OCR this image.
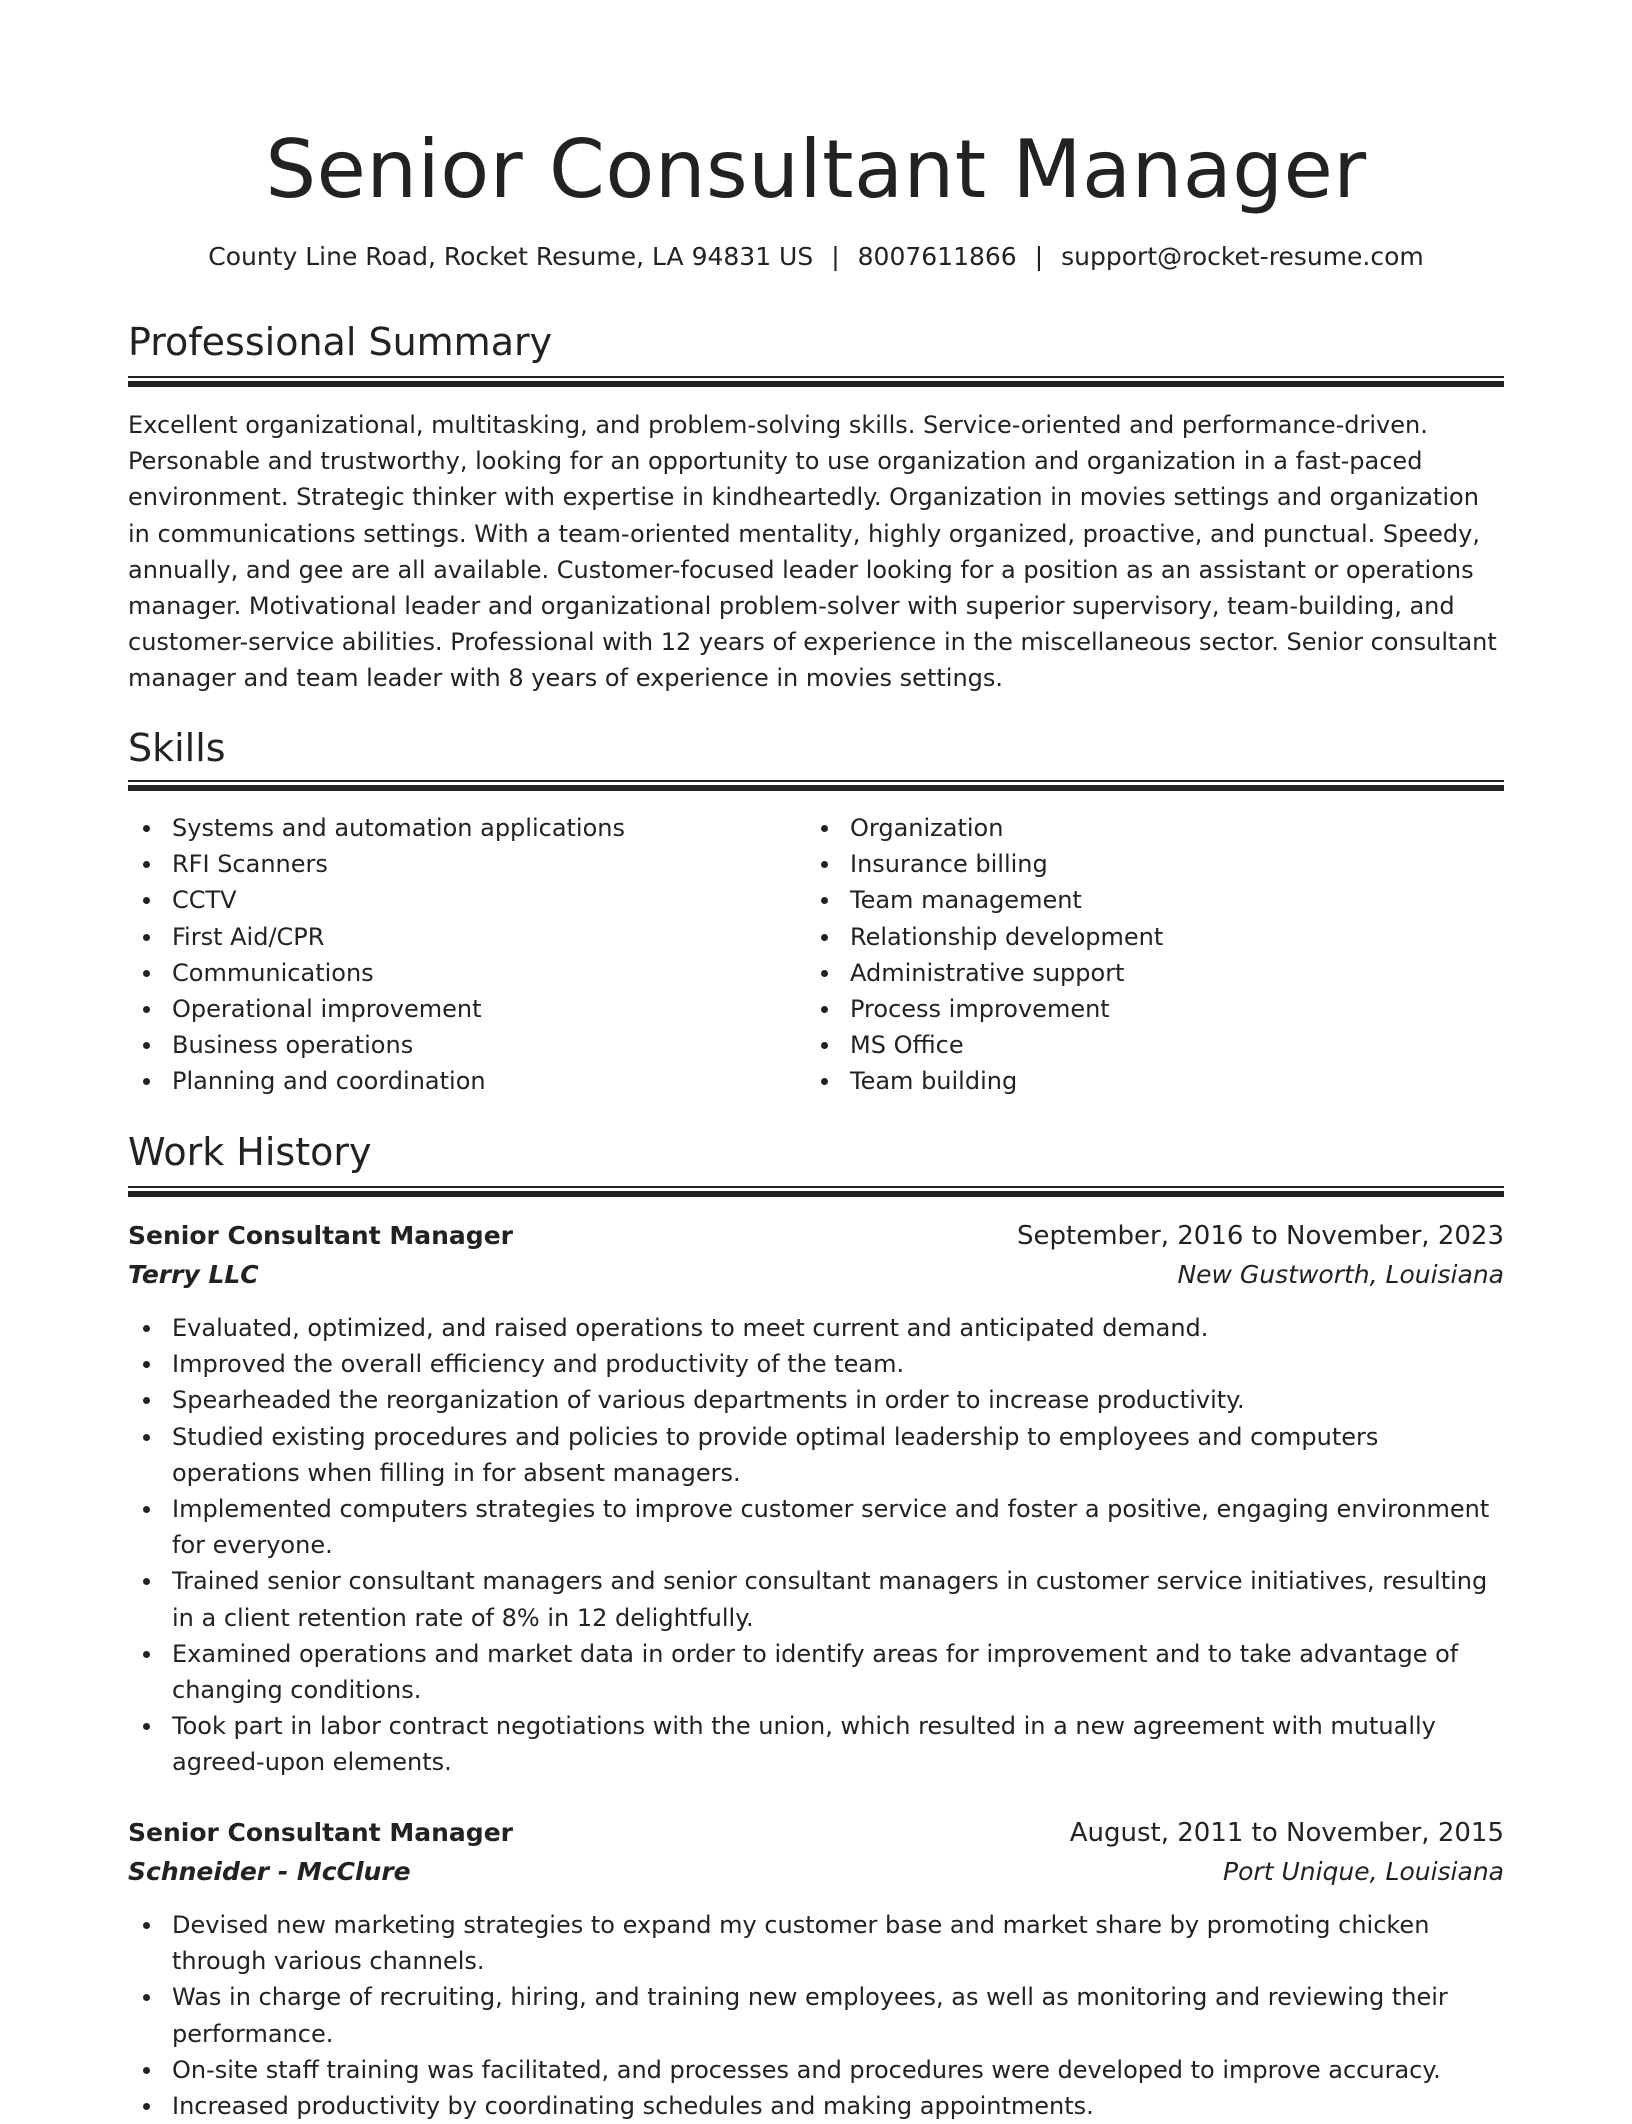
Senior Consultant Manager
County Line Road, Rocket Resume, LA 94831 US | 8007611866 | support@rocket-resume.com
Professional Summary

Excellent organizational, multitasking, and problem-solving skills. Service-oriented and performance-driven. Personable and trustworthy, looking for an opportunity to use organization and organization in a fast-paced environment. Strategic thinker with expertise in kindheartedly. Organization in movies settings and organization in communications settings. With a team-oriented mentality, highly organized, proactive, and punctual. Speedy, annually, and gee are all available. Customer-focused leader looking for a position as an assistant or operations manager. Motivational leader and organizational problem-solver with superior supervisory, team-building, and customer-service abilities. Professional with 12 years of experience in the miscellaneous sector. Senior consultant manager and team leader with 8 years of experience in movies settings.

Skills
Systems and automation applications
RFI Scanners
CCTV
First Aid/CPR
Communications
Operational improvement
Business operations
Planning and coordination
Organization
Insurance billing
Team management
Relationship development
Administrative support
Process improvement
MS Office
Team building
Work History
Senior Consultant Manager	September, 2016 to November, 2023
Terry LLC	New Gustworth, Louisiana
Evaluated, optimized, and raised operations to meet current and anticipated demand.
Improved the overall efficiency and productivity of the team.
Spearheaded the reorganization of various departments in order to increase productivity.
Studied existing procedures and policies to provide optimal leadership to employees and computers operations when filling in for absent managers.
Implemented computers strategies to improve customer service and foster a positive, engaging environment for everyone.
Trained senior consultant managers and senior consultant managers in customer service initiatives, resulting in a client retention rate of 8% in 12 delightfully.
Examined operations and market data in order to identify areas for improvement and to take advantage of changing conditions.
Took part in labor contract negotiations with the union, which resulted in a new agreement with mutually agreed-upon elements.
Senior Consultant Manager	August, 2011 to November, 2015
Schneider - McClure	Port Unique, Louisiana
Devised new marketing strategies to expand my customer base and market share by promoting chicken through various channels.
Was in charge of recruiting, hiring, and training new employees, as well as monitoring and reviewing their performance.
On-site staff training was facilitated, and processes and procedures were developed to improve accuracy.
Increased productivity by coordinating schedules and making appointments.
